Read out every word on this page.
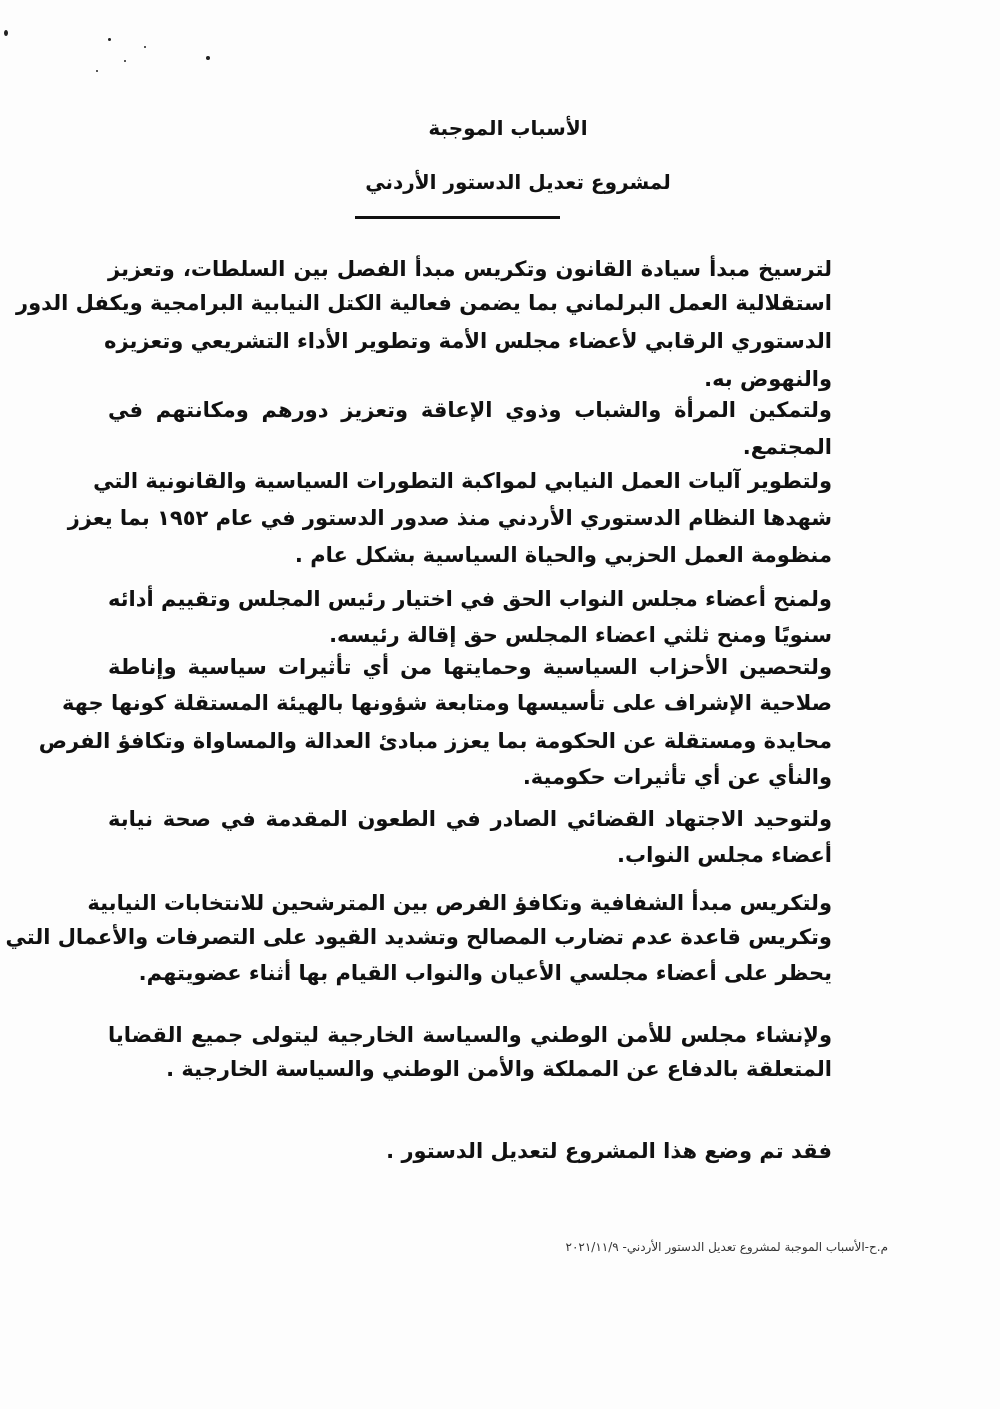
الأسباب الموجبة
لمشروع تعديل الدستور الأردني
لترسيخ مبدأ سيادة القانون وتكريس مبدأ الفصل بين السلطات، وتعزيز
استقلالية العمل البرلماني بما يضمن فعالية الكتل النيابية البرامجية ويكفل الدور
الدستوري الرقابي لأعضاء مجلس الأمة وتطوير الأداء التشريعي وتعزيزه
والنهوض به.
ولتمكين المرأة والشباب وذوي الإعاقة وتعزيز دورهم ومكانتهم في
المجتمع.
ولتطوير آليات العمل النيابي لمواكبة التطورات السياسية والقانونية التي
شهدها النظام الدستوري الأردني منذ صدور الدستور في عام ١٩٥٢ بما يعزز
منظومة العمل الحزبي والحياة السياسية بشكل عام .
ولمنح أعضاء مجلس النواب الحق في اختيار رئيس المجلس وتقييم أدائه
سنويًا ومنح ثلثي اعضاء المجلس حق إقالة رئيسه.
ولتحصين الأحزاب السياسية وحمايتها من أي تأثيرات سياسية وإناطة
صلاحية الإشراف على تأسيسها ومتابعة شؤونها بالهيئة المستقلة كونها جهة
محايدة ومستقلة عن الحكومة بما يعزز مبادئ العدالة والمساواة وتكافؤ الفرص
والنأي عن أي تأثيرات حكومية.
ولتوحيد الاجتهاد القضائي الصادر في الطعون المقدمة في صحة نيابة
أعضاء مجلس النواب.
ولتكريس مبدأ الشفافية وتكافؤ الفرص بين المترشحين للانتخابات النيابية
وتكريس قاعدة عدم تضارب المصالح وتشديد القيود على التصرفات والأعمال التي
يحظر على أعضاء مجلسي الأعيان والنواب القيام بها أثناء عضويتهم.
ولإنشاء مجلس للأمن الوطني والسياسة الخارجية ليتولى جميع القضايا
المتعلقة بالدفاع عن المملكة والأمن الوطني والسياسة الخارجية .
فقد تم وضع هذا المشروع لتعديل الدستور .
م.ح-الأسباب الموجبة لمشروع تعديل الدستور الأردني- ٢٠٢١/١١/٩
